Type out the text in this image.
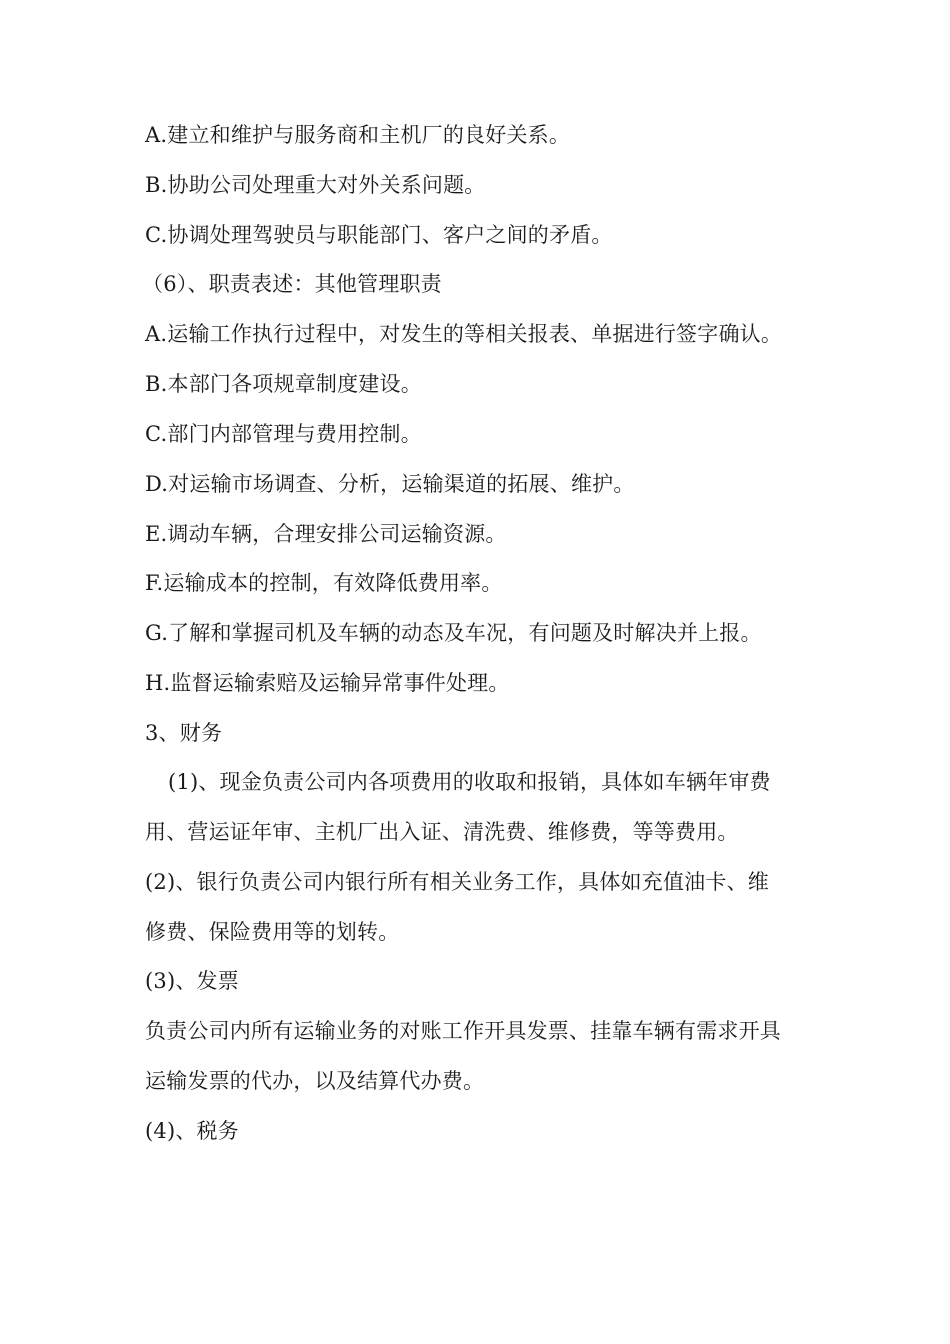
A.建立和维护与服务商和主机厂的良好关系。
B.协助公司处理重大对外关系问题。
C.协调处理驾驶员与职能部门、客户之间的矛盾。
（6）、职责表述：其他管理职责
A.运输工作执行过程中，对发生的等相关报表、单据进行签字确认。
B.本部门各项规章制度建设。
C.部门内部管理与费用控制。
D.对运输市场调查、分析，运输渠道的拓展、维护。
E.调动车辆，合理安排公司运输资源。
F.运输成本的控制，有效降低费用率。
G.了解和掌握司机及车辆的动态及车况，有问题及时解决并上报。
H.监督运输索赔及运输异常事件处理。
3、财务
(1)、现金负责公司内各项费用的收取和报销，具体如车辆年审费
用、营运证年审、主机厂出入证、清洗费、维修费，等等费用。
(2)、银行负责公司内银行所有相关业务工作，具体如充值油卡、维
修费、保险费用等的划转。
(3)、发票
负责公司内所有运输业务的对账工作开具发票、挂靠车辆有需求开具
运输发票的代办，以及结算代办费。
(4)、税务
